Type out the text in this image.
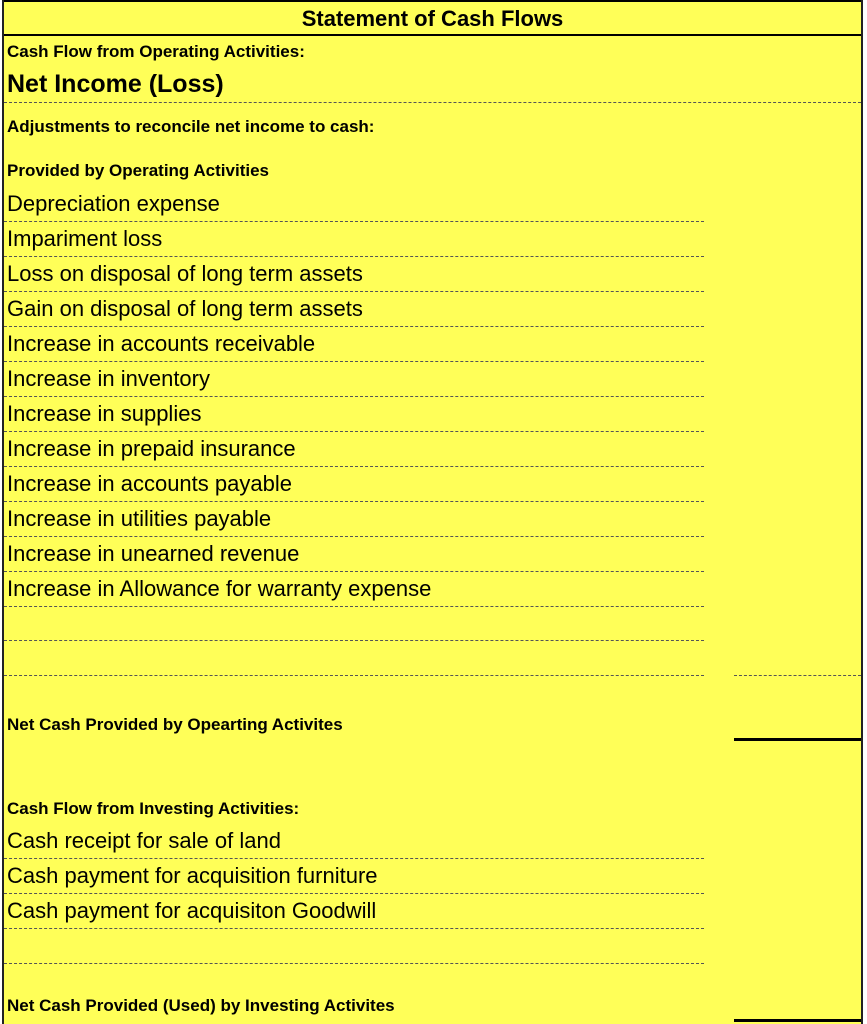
Statement of Cash Flows
Cash Flow from Operating Activities:
Net Income (Loss)
Adjustments to reconcile net income to cash:
Provided by Operating Activities
Depreciation expense
Impariment loss
Loss on disposal of long term assets
Gain on disposal of long term assets
Increase in accounts receivable
Increase in inventory
Increase in supplies
Increase in prepaid insurance
Increase in accounts payable
Increase in utilities payable
Increase in unearned revenue
Increase in Allowance for warranty expense
Net Cash Provided by Opearting Activites
Cash Flow from Investing Activities:
Cash receipt for sale of land
Cash payment for acquisition furniture
Cash payment for acquisiton Goodwill
Net Cash Provided (Used) by Investing Activites
